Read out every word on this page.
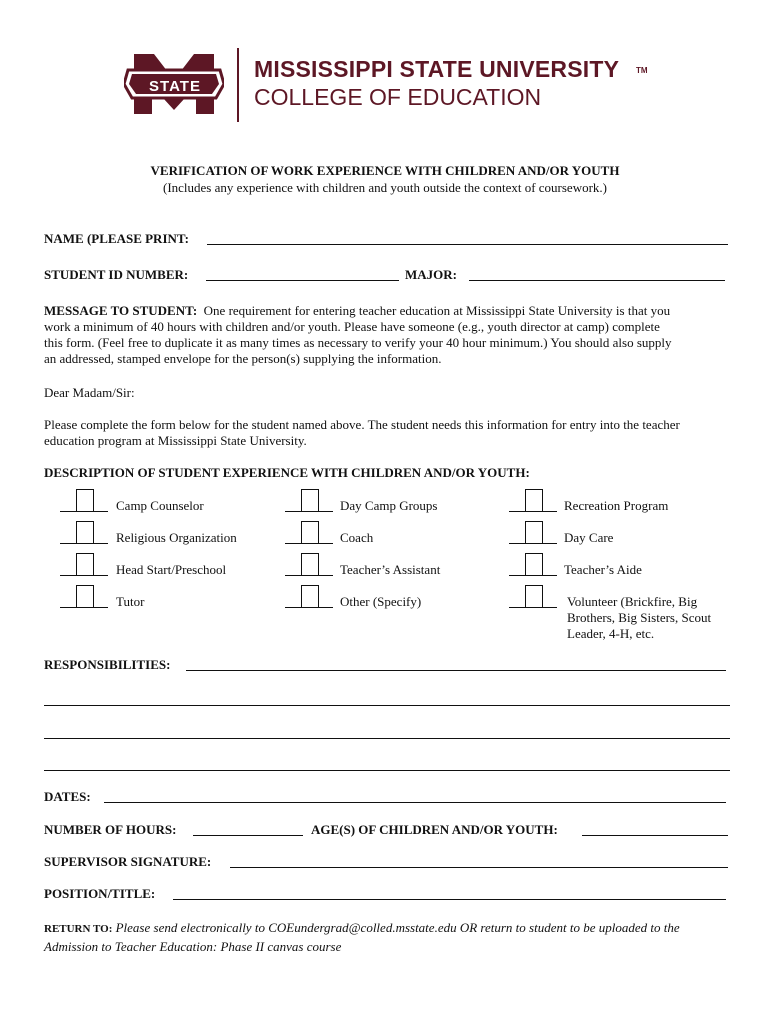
STATE
MISSISSIPPI STATE UNIVERSITY TM
COLLEGE OF EDUCATION
VERIFICATION OF WORK EXPERIENCE WITH CHILDREN AND/OR YOUTH
(Includes any experience with children and youth outside the context of coursework.)
NAME (PLEASE PRINT:
STUDENT ID NUMBER:	MAJOR:
MESSAGE TO STUDENT: One requirement for entering teacher education at Mississippi State University is that you
work a minimum of 40 hours with children and/or youth. Please have someone (e.g., youth director at camp) complete
this form. (Feel free to duplicate it as many times as necessary to verify your 40 hour minimum.) You should also supply
an addressed, stamped envelope for the person(s) supplying the information.
Dear Madam/Sir:
Please complete the form below for the student named above. The student needs this information for entry into the teacher
education program at Mississippi State University.
DESCRIPTION OF STUDENT EXPERIENCE WITH CHILDREN AND/OR YOUTH:
Camp Counselor
Religious Organization
Head Start/Preschool
Tutor
Day Camp Groups
Coach
Teacher’s Assistant
Other (Specify)
Recreation Program
Day Care
Teacher’s Aide
Volunteer (Brickfire, Big
Brothers, Big Sisters, Scout
Leader, 4-H, etc.
RESPONSIBILITIES:
DATES:
NUMBER OF HOURS:	AGE(S) OF CHILDREN AND/OR YOUTH:
SUPERVISOR SIGNATURE:
POSITION/TITLE:
RETURN TO: Please send electronically to COEundergrad@colled.msstate.edu OR return to student to be uploaded to the
Admission to Teacher Education: Phase II canvas course
